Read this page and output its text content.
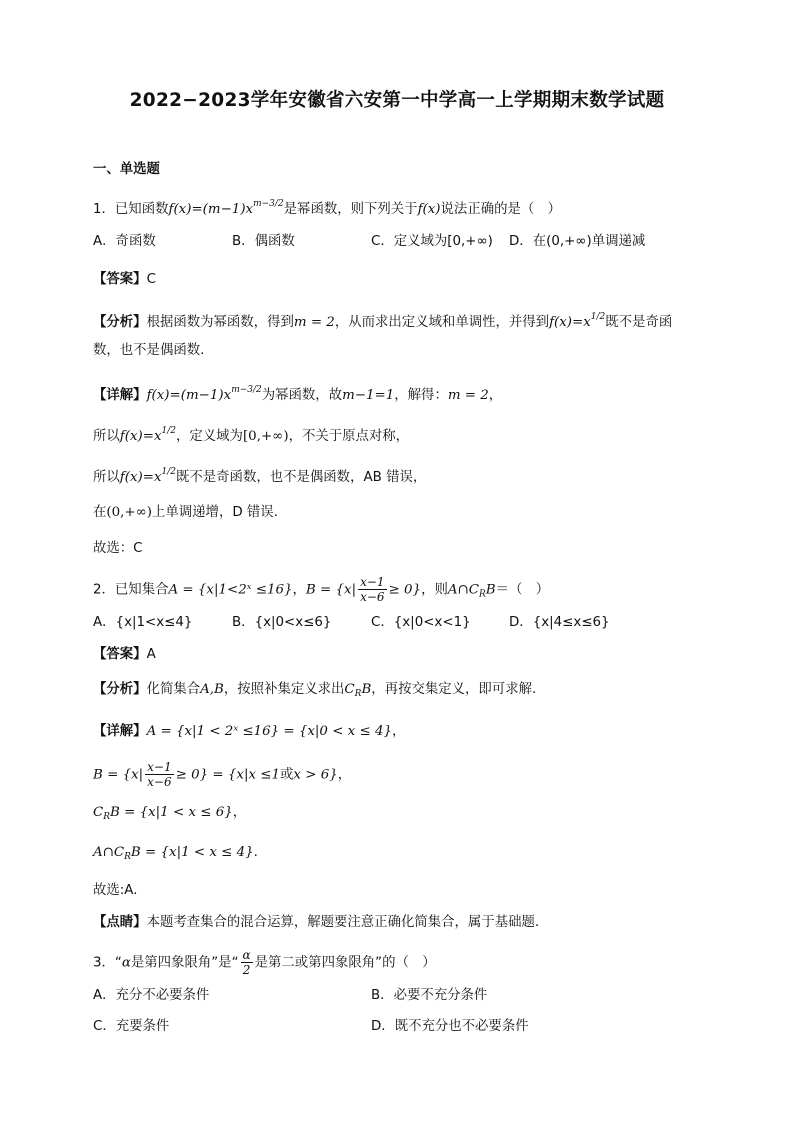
2022−2023学年安徽省六安第一中学高一上学期期末数学试题
一、单选题
1．已知函数$f(x)=(m-1)x^{m-3/2}$是幂函数，则下列关于f(x)说法正确的是（　）
A．奇函数	B．偶函数	C．定义域为[0,+∞) D．在(0,+∞)单调递减
【答案】C
【分析】根据函数为幂函数，得到m = 2，从而求出定义域和单调性，并得到$f(x)=x^{1/2}$既不是奇函
数，也不是偶函数.
【详解】$f(x)=(m-1)x^{m-3/2}$为幂函数，故m−1=1，解得：m = 2，
所以$f(x)=x^{1/2}$，定义域为[0,+∞)，不关于原点对称，
所以$f(x)=x^{1/2}$既不是奇函数，也不是偶函数，AB 错误，
在(0,+∞)上单调递增，D 错误.
故选：C
2．已知集合A = {x|1<2ˣ ≤16}，$B = \{x| \frac{x-1}{x-6} \ge 0\}$，则$A\cap C_RB=$（　）
A．{x|1<x≤4}	B．{x|0<x≤6}	C．{x|0<x<1}	D．{x|4≤x≤6}
【答案】A
【分析】化简集合A,B，按照补集定义求出$C_RB$，再按交集定义，即可求解.
【详解】A = {x|1 < 2ˣ ≤16} = {x|0 < x ≤ 4}，
$B = \{x| \frac{x-1}{x-6} \ge 0\} = \{x|x \le 1$或x > 6}，
$C_RB = \{x|1 < x \le 6\}$，
$A\cap C_RB = \{x|1 < x \le 4\}$.
故选:A.
【点睛】本题考查集合的混合运算，解题要注意正确化简集合，属于基础题.
3．“α是第四象限角”是“ $\frac{\alpha}{2}$ 是第二或第四象限角”的（　）
A．充分不必要条件	B．必要不充分条件
C．充要条件	D．既不充分也不必要条件
